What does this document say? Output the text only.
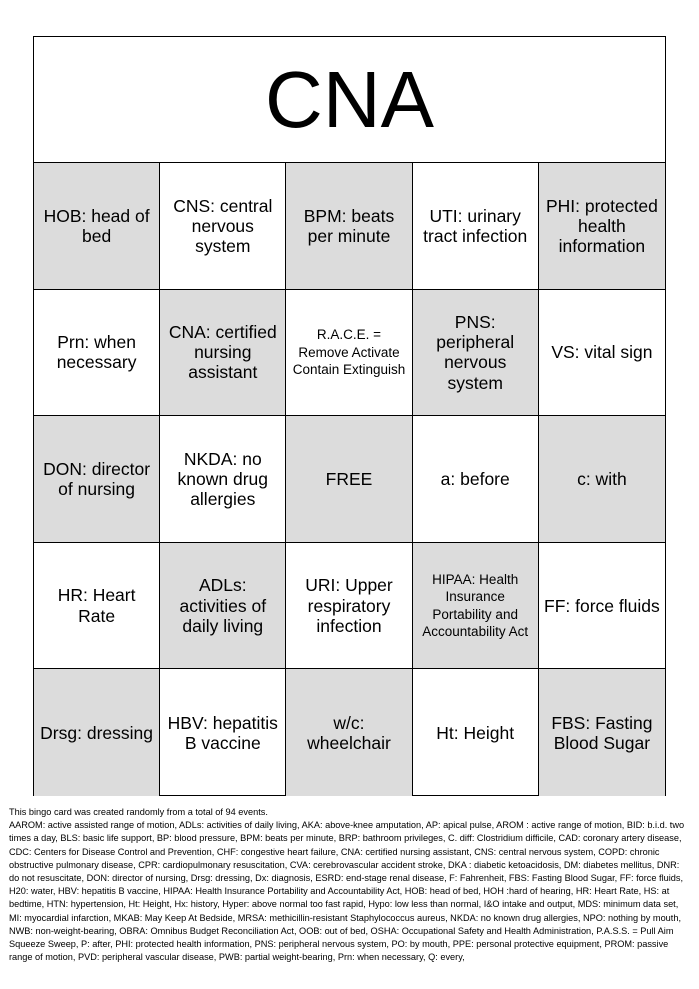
CNA
HOB: head of bed
CNS: central nervous system
BPM: beats per minute
UTI: urinary tract infection
PHI: protected health information
Prn: when necessary
CNA: certified nursing assistant
R.A.C.E. = Remove Activate Contain Extinguish
PNS: peripheral nervous system
VS: vital sign
DON: director of nursing
NKDA: no known drug allergies
FREE	a: before	c: with
HR: Heart Rate
ADLs: activities of daily living
URI: Upper respiratory infection
HIPAA: Health Insurance Portability and Accountability Act
FF: force fluids
Drsg: dressing
HBV: hepatitis B vaccine
w/c: wheelchair
Ht: Height
FBS: Fasting Blood Sugar

This bingo card was created randomly from a total of 94 events.

AAROM: active assisted range of motion, ADLs: activities of daily living, AKA: above-knee amputation, AP: apical pulse, AROM : active range of motion, BID: b.i.d. two times a day, BLS: basic life support, BP: blood pressure, BPM: beats per minute, BRP: bathroom privileges, C. diff: Clostridium difficile, CAD: coronary artery disease, CDC: Centers for Disease Control and Prevention, CHF: congestive heart failure, CNA: certified nursing assistant, CNS: central nervous system, COPD: chronic obstructive pulmonary disease, CPR: cardiopulmonary resuscitation, CVA: cerebrovascular accident stroke, DKA : diabetic ketoacidosis, DM: diabetes mellitus, DNR: do not resuscitate, DON: director of nursing, Drsg: dressing, Dx: diagnosis, ESRD: end-stage renal disease, F: Fahrenheit, FBS: Fasting Blood Sugar, FF: force fluids, H20: water, HBV: hepatitis B vaccine, HIPAA: Health Insurance Portability and Accountability Act, HOB: head of bed, HOH :hard of hearing, HR: Heart Rate, HS: at bedtime, HTN: hypertension, Ht: Height, Hx: history, Hyper: above normal too fast rapid, Hypo: low less than normal, I&O intake and output, MDS: minimum data set, MI: myocardial infarction, MKAB: May Keep At Bedside, MRSA: methicillin-resistant Staphylococcus aureus, NKDA: no known drug allergies, NPO: nothing by mouth, NWB: non-weight-bearing, OBRA: Omnibus Budget Reconciliation Act, OOB: out of bed, OSHA: Occupational Safety and Health Administration, P.A.S.S. = Pull Aim Squeeze Sweep, P: after, PHI: protected health information, PNS: peripheral nervous system, PO: by mouth, PPE: personal protective equipment, PROM: passive range of motion, PVD: peripheral vascular disease, PWB: partial weight-bearing, Prn: when necessary, Q: every,
